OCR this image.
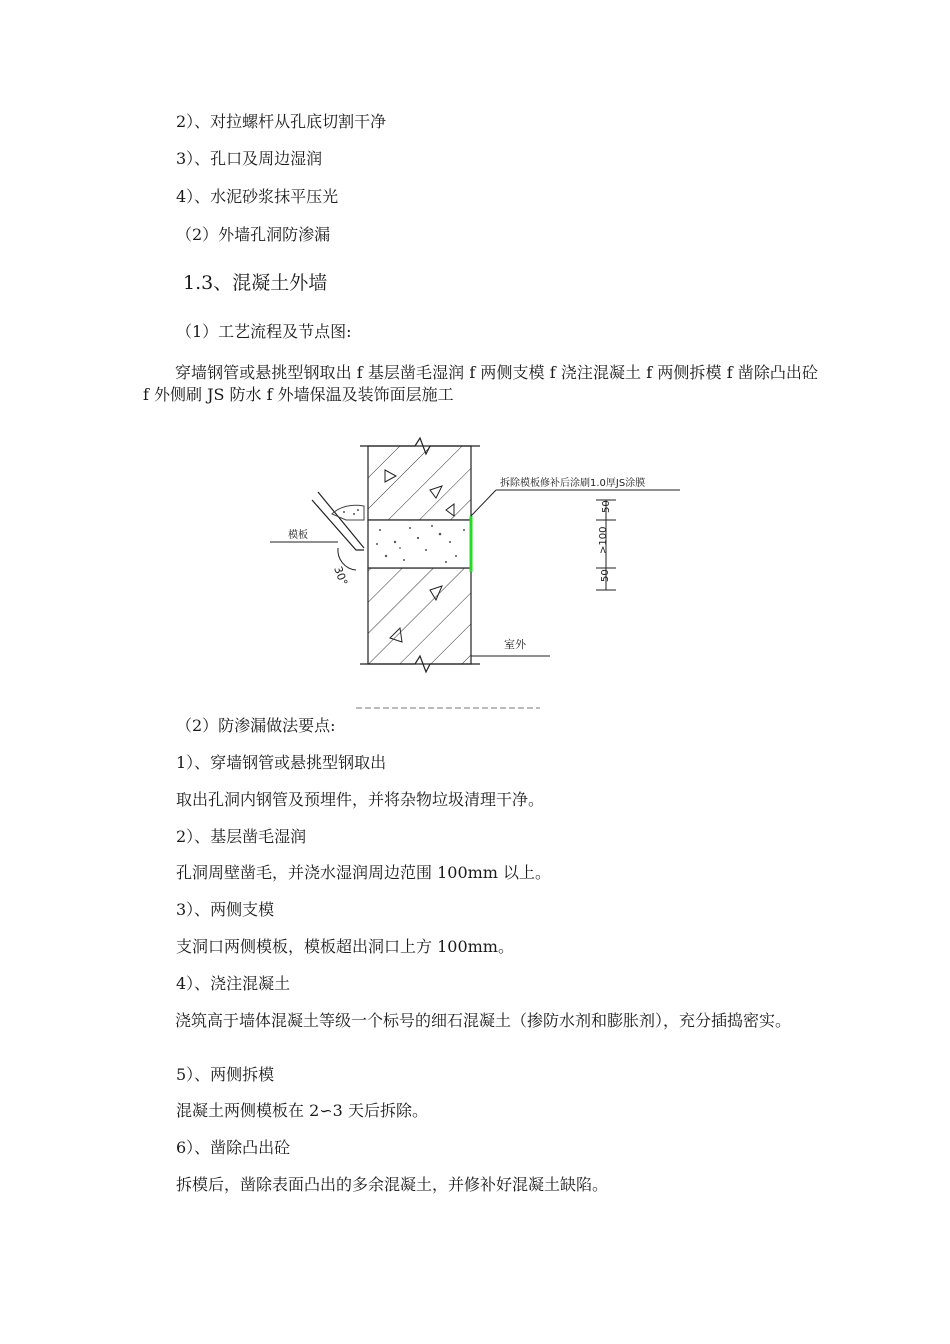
2）、对拉螺杆从孔底切割干净
3）、孔口及周边湿润
4）、水泥砂浆抹平压光
（2）外墙孔洞防渗漏
1.3、混凝土外墙
（1）工艺流程及节点图:
穿墙钢管或悬挑型钢取出 f 基层凿毛湿润 f 两侧支模 f 浇注混凝土 f 两侧拆模 f 凿除凸出砼 f 外侧刷 JS 防水 f 外墙保温及装饰面层施工
模板
30°
拆除模板修补后涂刷1.0厚JS涂膜
室外
50
>100
50
（2）防渗漏做法要点:
1）、穿墙钢管或悬挑型钢取出
取出孔洞内钢管及预埋件，并将杂物垃圾清理干净。
2）、基层凿毛湿润
孔洞周壁凿毛，并浇水湿润周边范围 100mm 以上。
3）、两侧支模
支洞口两侧模板，模板超出洞口上方 100mm。
4）、浇注混凝土
浇筑高于墙体混凝土等级一个标号的细石混凝土（掺防水剂和膨胀剂），充分插捣密实。
5）、两侧拆模
混凝土两侧模板在 2∽3 天后拆除。
6）、凿除凸出砼
拆模后，凿除表面凸出的多余混凝土，并修补好混凝土缺陷。
